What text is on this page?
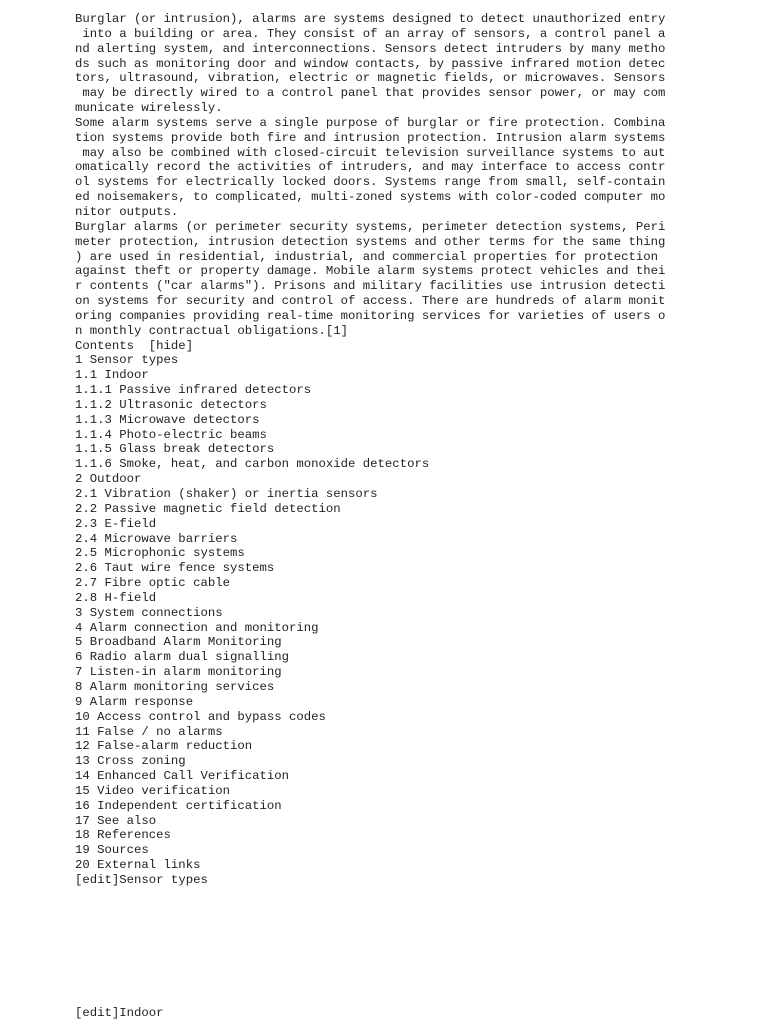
Burglar (or intrusion), alarms are systems designed to detect unauthorized entry
into a building or area. They consist of an array of sensors, a control panel a
nd alerting system, and interconnections. Sensors detect intruders by many metho
ds such as monitoring door and window contacts, by passive infrared motion detec
tors, ultrasound, vibration, electric or magnetic fields, or microwaves. Sensors
may be directly wired to a control panel that provides sensor power, or may com
municate wirelessly.
Some alarm systems serve a single purpose of burglar or fire protection. Combina
tion systems provide both fire and intrusion protection. Intrusion alarm systems
may also be combined with closed-circuit television surveillance systems to aut
omatically record the activities of intruders, and may interface to access contr
ol systems for electrically locked doors. Systems range from small, self-contain
ed noisemakers, to complicated, multi-zoned systems with color-coded computer mo
nitor outputs.
Burglar alarms (or perimeter security systems, perimeter detection systems, Peri
meter protection, intrusion detection systems and other terms for the same thing
) are used in residential, industrial, and commercial properties for protection
against theft or property damage. Mobile alarm systems protect vehicles and thei
r contents ("car alarms"). Prisons and military facilities use intrusion detecti
on systems for security and control of access. There are hundreds of alarm monit
oring companies providing real-time monitoring services for varieties of users o
n monthly contractual obligations.[1]
Contents  [hide]
1 Sensor types
1.1 Indoor
1.1.1 Passive infrared detectors
1.1.2 Ultrasonic detectors
1.1.3 Microwave detectors
1.1.4 Photo-electric beams
1.1.5 Glass break detectors
1.1.6 Smoke, heat, and carbon monoxide detectors
2 Outdoor
2.1 Vibration (shaker) or inertia sensors
2.2 Passive magnetic field detection
2.3 E-field
2.4 Microwave barriers
2.5 Microphonic systems
2.6 Taut wire fence systems
2.7 Fibre optic cable
2.8 H-field
3 System connections
4 Alarm connection and monitoring
5 Broadband Alarm Monitoring
6 Radio alarm dual signalling
7 Listen-in alarm monitoring
8 Alarm monitoring services
9 Alarm response
10 Access control and bypass codes
11 False / no alarms
12 False-alarm reduction
13 Cross zoning
14 Enhanced Call Verification
15 Video verification
16 Independent certification
17 See also
18 References
19 Sources
20 External links
[edit]Sensor types
[edit]Indoor
